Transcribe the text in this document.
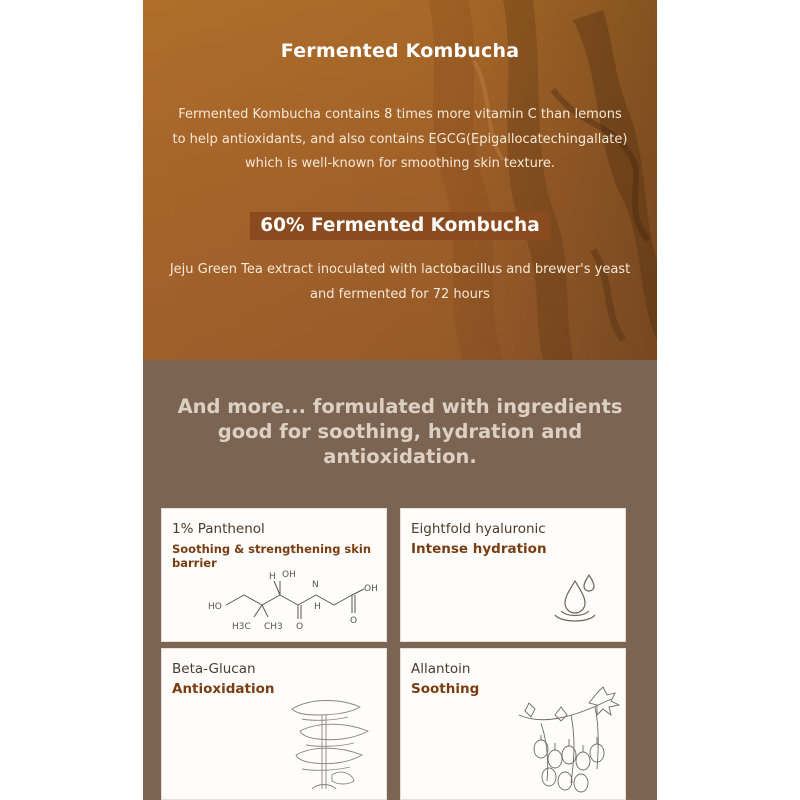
Fermented Kombucha
Fermented Kombucha contains 8 times more vitamin C than lemons
to help antioxidants, and also contains EGCG(Epigallocatechingallate)
which is well-known for smoothing skin texture.
60% Fermented Kombucha
Jeju Green Tea extract inoculated with lactobacillus and brewer's yeast
and fermented for 72 hours
And more... formulated with ingredients
good for soothing, hydration and
antioxidation.
1% Panthenol
Soothing & strengthening skin barrier
H OH
N
H
HO
OH
O
O
H3C CH3
Eightfold hyaluronic
Intense hydration
Beta-Glucan
Antioxidation
Allantoin
Soothing
